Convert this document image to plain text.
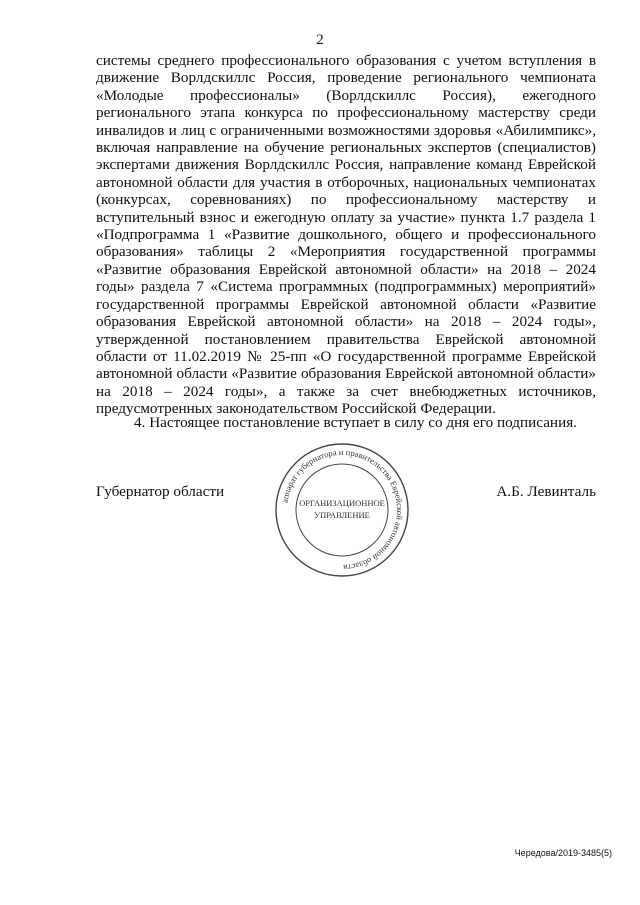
2

системы среднего профессионального образования с учетом вступления в движение Ворлдскиллс Россия, проведение регионального чемпионата «Молодые профессионалы» (Ворлдскиллс Россия), ежегодного регионального этапа конкурса по профессиональному мастерству среди инвалидов и лиц с ограниченными возможностями здоровья «Абилимпикс», включая направление на обучение региональных экспертов (специалистов) экспертами движения Ворлдскиллс Россия, направление команд Еврейской автономной области для участия в отборочных, национальных чемпионатах (конкурсах, соревнованиях) по профессиональному мастерству и вступительный взнос и ежегодную оплату за участие» пункта 1.7 раздела 1 «Подпрограмма 1 «Развитие дошкольного, общего и профессионального образования» таблицы 2 «Мероприятия государственной программы «Развитие образования Еврейской автономной области» на 2018 – 2024 годы» раздела 7 «Система программных (подпрограммных) мероприятий» государственной программы Еврейской автономной области «Развитие образования Еврейской автономной области» на 2018 – 2024 годы», утвержденной постановлением правительства Еврейской автономной области от 11.02.2019 № 25-пп «О государственной программе Еврейской автономной области «Развитие образования Еврейской автономной области» на 2018 – 2024 годы», а также за счет внебюджетных источников, предусмотренных законодательством Российской Федерации.

4. Настоящее постановление вступает в силу со дня его подписания.
Губернатор области	А.Б. Левинталь
аппарат губернатора и правительства Еврейской автономной области
ОРГАНИЗАЦИОННОЕ
УПРАВЛЕНИЕ
Чередова/2019-3485(5)
